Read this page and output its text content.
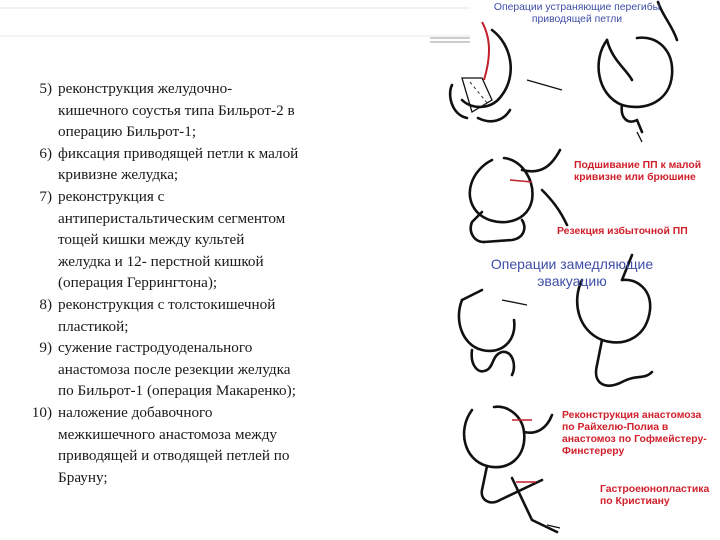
5) реконструкция желудочно-
кишечного соустья типа Бильрот-2 в
операцию Бильрот-1;
6) фиксация приводящей петли к малой
кривизне желудка;
7) реконструкция с
антиперистальтическим сегментом
тощей кишки между культей
желудка и 12- перстной кишкой
(операция Геррингтона);
8) реконструкция с толстокишечной
пластикой;
9) сужение гастродуоденального
анастомоза после резекции желудка
по Бильрот-1 (операция Макаренко);
10) наложение добавочного
межкишечного анастомоза между
приводящей и отводящей петлей по
Брауну;
Операции устраняющие перегибы
приводящей петли
Подшивание ПП к малой
кривизне или брюшине
Резекция избыточной ПП
Операции замедляющие
эвакуацию
Реконструкция анастомоза
по Райхелю-Полиа в
анастомоз по Гофмейстеру-
Финстереру
Гастроеюнопластика
по Кристиану
